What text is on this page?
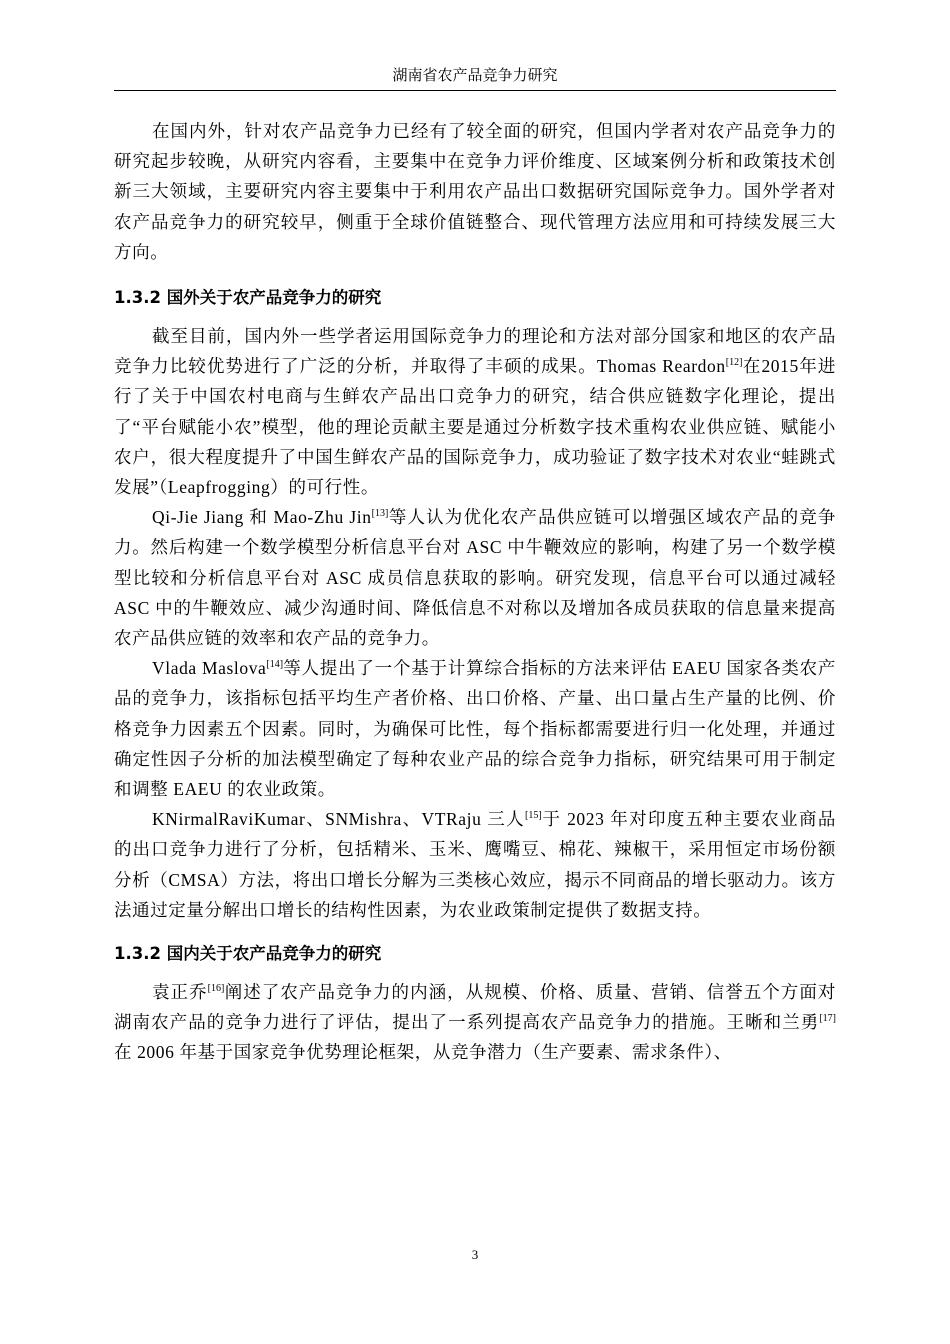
湖南省农产品竞争力研究

在国内外，针对农产品竞争力已经有了较全面的研究，但国内学者对农产品竞争力的研究起步较晚，从研究内容看，主要集中在竞争力评价维度、区域案例分析和政策技术创新三大领域，主要研究内容主要集中于利用农产品出口数据研究国际竞争力。国外学者对农产品竞争力的研究较早，侧重于全球价值链整合、现代管理方法应用和可持续发展三大方向。

1.3.2 国外关于农产品竞争力的研究

截至目前，国内外一些学者运用国际竞争力的理论和方法对部分国家和地区的农产品竞争力比较优势进行了广泛的分析，并取得了丰硕的成果。Thomas Reardon[12]在2015年进行了关于中国农村电商与生鲜农产品出口竞争力的研究，结合供应链数字化理论，提出了“平台赋能小农”模型，他的理论贡献主要是通过分析数字技术重构农业供应链、赋能小农户，很大程度提升了中国生鲜农产品的国际竞争力，成功验证了数字技术对农业“蛙跳式发展”（Leapfrogging）的可行性。

Qi-Jie Jiang 和 Mao-Zhu Jin[13]等人认为优化农产品供应链可以增强区域农产品的竞争力。然后构建一个数学模型分析信息平台对 ASC 中牛鞭效应的影响，构建了另一个数学模型比较和分析信息平台对 ASC 成员信息获取的影响。研究发现，信息平台可以通过减轻 ASC 中的牛鞭效应、减少沟通时间、降低信息不对称以及增加各成员获取的信息量来提高农产品供应链的效率和农产品的竞争力。

Vlada Maslova[14]等人提出了一个基于计算综合指标的方法来评估 EAEU 国家各类农产品的竞争力，该指标包括平均生产者价格、出口价格、产量、出口量占生产量的比例、价格竞争力因素五个因素。同时，为确保可比性，每个指标都需要进行归一化处理，并通过确定性因子分析的加法模型确定了每种农业产品的综合竞争力指标，研究结果可用于制定和调整 EAEU 的农业政策。

KNirmalRaviKumar、SNMishra、VTRaju 三人[15]于 2023 年对印度五种主要农业商品的出口竞争力进行了分析，包括精米、玉米、鹰嘴豆、棉花、辣椒干，采用恒定市场份额分析（CMSA）方法，将出口增长分解为三类核心效应，揭示不同商品的增长驱动力。该方法通过定量分解出口增长的结构性因素，为农业政策制定提供了数据支持。

1.3.2 国内关于农产品竞争力的研究

袁正乔[16]阐述了农产品竞争力的内涵，从规模、价格、质量、营销、信誉五个方面对湖南农产品的竞争力进行了评估，提出了一系列提高农产品竞争力的措施。王晰和兰勇[17]在 2006 年基于国家竞争优势理论框架，从竞争潜力（生产要素、需求条件）、

3
